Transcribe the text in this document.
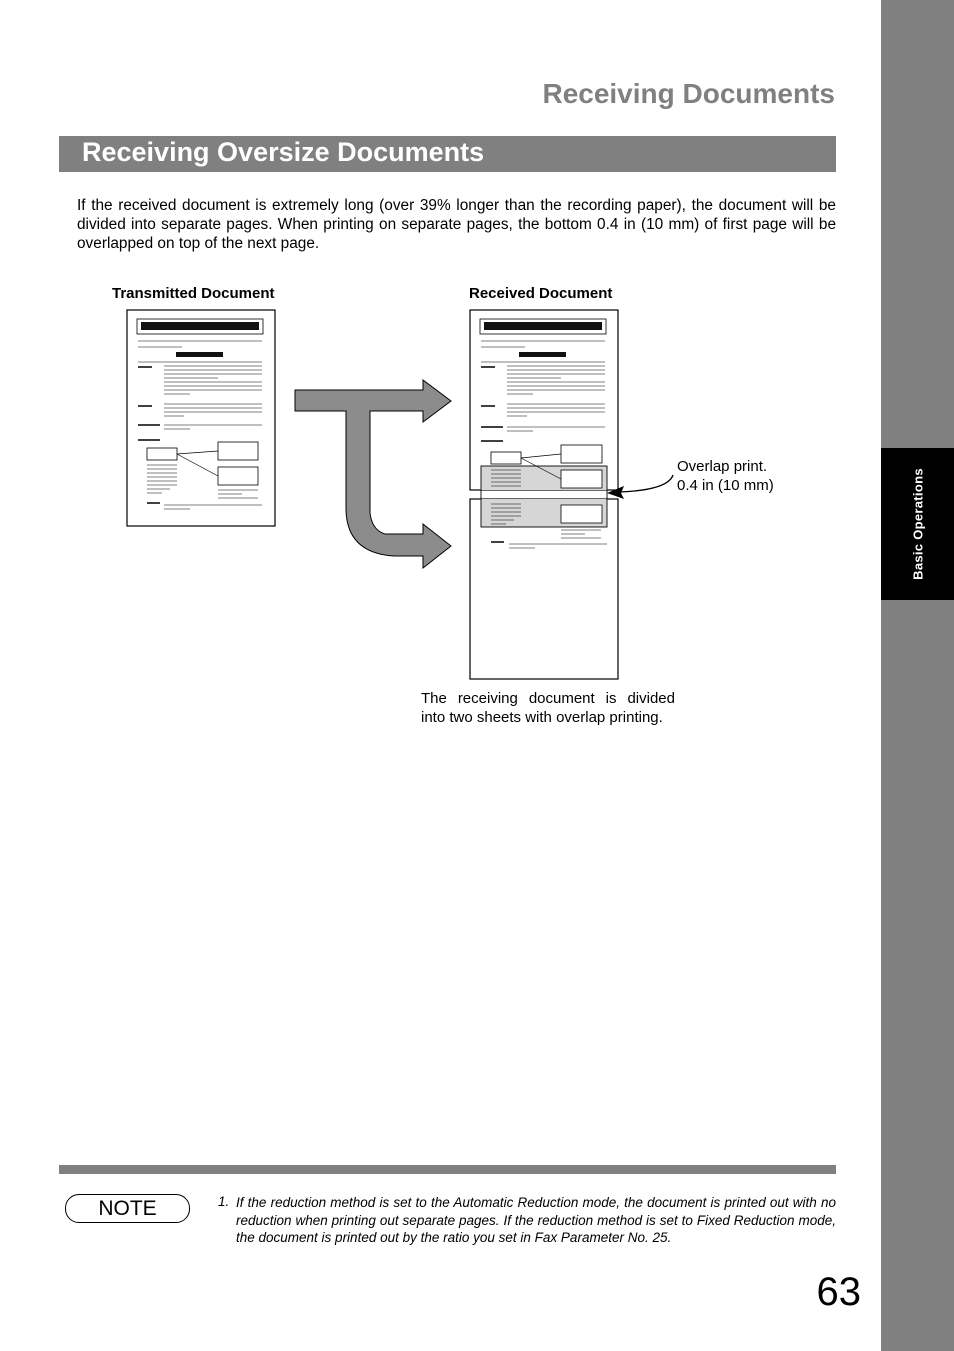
Basic Operations
Receiving Documents
Receiving Oversize Documents

If the received document is extremely long (over 39% longer than the recording paper), the document will be divided into separate pages. When printing on separate pages, the bottom 0.4 in (10 mm) of first page will be overlapped on top of the next page.

Transmitted Document	Received Document
Overlap print.
0.4 in (10 mm)

The receiving document is divided into two sheets with overlap printing.

NOTE	1. If the reduction method is set to the Automatic Reduction mode, the document is printed out with no reduction when printing out separate pages. If the reduction method is set to Fixed Reduction mode, the document is printed out by the ratio you set in Fax Parameter No. 25.

63
